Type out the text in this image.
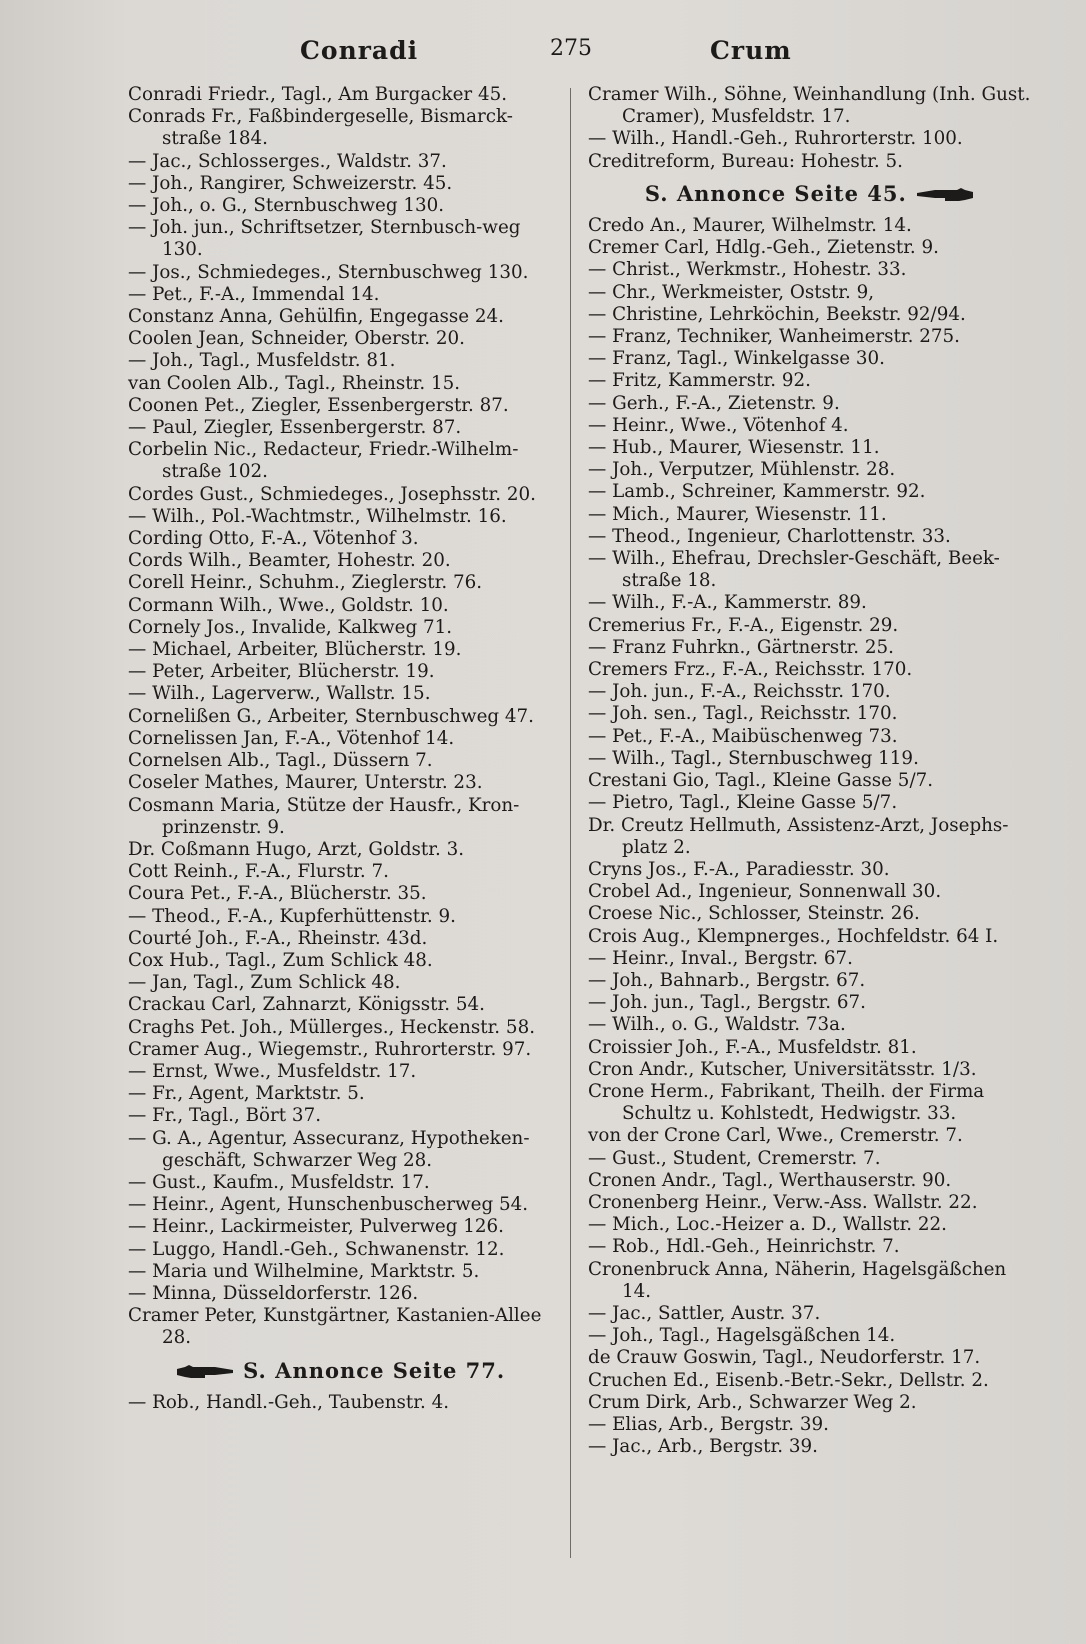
Conradi	275	Crum
Conradi Friedr., Tagl., Am Burgacker 45.
Conrads Fr., Faßbindergeselle, Bismarck-straße 184.
— Jac., Schlosserges., Waldstr. 37.
— Joh., Rangirer, Schweizerstr. 45.
— Joh., o. G., Sternbuschweg 130.
— Joh. jun., Schriftsetzer, Sternbusch-weg 130.
— Jos., Schmiedeges., Sternbuschweg 130.
— Pet., F.-A., Immendal 14.
Constanz Anna, Gehülfin, Engegasse 24.
Coolen Jean, Schneider, Oberstr. 20.
— Joh., Tagl., Musfeldstr. 81.
van Coolen Alb., Tagl., Rheinstr. 15.
Coonen Pet., Ziegler, Essenbergerstr. 87.
— Paul, Ziegler, Essenbergerstr. 87.
Corbelin Nic., Redacteur, Friedr.-Wilhelm-straße 102.
Cordes Gust., Schmiedeges., Josephsstr. 20.
— Wilh., Pol.-Wachtmstr., Wilhelmstr. 16.
Cording Otto, F.-A., Vötenhof 3.
Cords Wilh., Beamter, Hohestr. 20.
Corell Heinr., Schuhm., Zieglerstr. 76.
Cormann Wilh., Wwe., Goldstr. 10.
Cornely Jos., Invalide, Kalkweg 71.
— Michael, Arbeiter, Blücherstr. 19.
— Peter, Arbeiter, Blücherstr. 19.
— Wilh., Lagerverw., Wallstr. 15.
Cornelißen G., Arbeiter, Sternbuschweg 47.
Cornelissen Jan, F.-A., Vötenhof 14.
Cornelsen Alb., Tagl., Düssern 7.
Coseler Mathes, Maurer, Unterstr. 23.
Cosmann Maria, Stütze der Hausfr., Kron-prinzenstr. 9.
Dr. Coßmann Hugo, Arzt, Goldstr. 3.
Cott Reinh., F.-A., Flurstr. 7.
Coura Pet., F.-A., Blücherstr. 35.
— Theod., F.-A., Kupferhüttenstr. 9.
Courté Joh., F.-A., Rheinstr. 43d.
Cox Hub., Tagl., Zum Schlick 48.
— Jan, Tagl., Zum Schlick 48.
Crackau Carl, Zahnarzt, Königsstr. 54.
Craghs Pet. Joh., Müllerges., Heckenstr. 58.
Cramer Aug., Wiegemstr., Ruhrorterstr. 97.
— Ernst, Wwe., Musfeldstr. 17.
— Fr., Agent, Marktstr. 5.
— Fr., Tagl., Bört 37.
— G. A., Agentur, Assecuranz, Hypotheken-geschäft, Schwarzer Weg 28.
— Gust., Kaufm., Musfeldstr. 17.
— Heinr., Agent, Hunschenbuscherweg 54.
— Heinr., Lackirmeister, Pulverweg 126.
— Luggo, Handl.-Geh., Schwanenstr. 12.
— Maria und Wilhelmine, Marktstr. 5.
— Minna, Düsseldorferstr. 126.
Cramer Peter, Kunstgärtner, Kastanien-Allee 28.
S. Annonce Seite 77.
— Rob., Handl.-Geh., Taubenstr. 4.
Cramer Wilh., Söhne, Weinhandlung (Inh. Gust. Cramer), Musfeldstr. 17.
— Wilh., Handl.-Geh., Ruhrorterstr. 100.
Creditreform, Bureau: Hohestr. 5.
S. Annonce Seite 45.
Credo An., Maurer, Wilhelmstr. 14.
Cremer Carl, Hdlg.-Geh., Zietenstr. 9.
— Christ., Werkmstr., Hohestr. 33.
— Chr., Werkmeister, Oststr. 9,
— Christine, Lehrköchin, Beekstr. 92/94.
— Franz, Techniker, Wanheimerstr. 275.
— Franz, Tagl., Winkelgasse 30.
— Fritz, Kammerstr. 92.
— Gerh., F.-A., Zietenstr. 9.
— Heinr., Wwe., Vötenhof 4.
— Hub., Maurer, Wiesenstr. 11.
— Joh., Verputzer, Mühlenstr. 28.
— Lamb., Schreiner, Kammerstr. 92.
— Mich., Maurer, Wiesenstr. 11.
— Theod., Ingenieur, Charlottenstr. 33.
— Wilh., Ehefrau, Drechsler-Geschäft, Beek-straße 18.
— Wilh., F.-A., Kammerstr. 89.
Cremerius Fr., F.-A., Eigenstr. 29.
— Franz Fuhrkn., Gärtnerstr. 25.
Cremers Frz., F.-A., Reichsstr. 170.
— Joh. jun., F.-A., Reichsstr. 170.
— Joh. sen., Tagl., Reichsstr. 170.
— Pet., F.-A., Maibüschenweg 73.
— Wilh., Tagl., Sternbuschweg 119.
Crestani Gio, Tagl., Kleine Gasse 5/7.
— Pietro, Tagl., Kleine Gasse 5/7.
Dr. Creutz Hellmuth, Assistenz-Arzt, Josephs-platz 2.
Cryns Jos., F.-A., Paradiesstr. 30.
Crobel Ad., Ingenieur, Sonnenwall 30.
Croese Nic., Schlosser, Steinstr. 26.
Crois Aug., Klempnerges., Hochfeldstr. 64 I.
— Heinr., Inval., Bergstr. 67.
— Joh., Bahnarb., Bergstr. 67.
— Joh. jun., Tagl., Bergstr. 67.
— Wilh., o. G., Waldstr. 73a.
Croissier Joh., F.-A., Musfeldstr. 81.
Cron Andr., Kutscher, Universitätsstr. 1/3.
Crone Herm., Fabrikant, Theilh. der Firma Schultz u. Kohlstedt, Hedwigstr. 33.
von der Crone Carl, Wwe., Cremerstr. 7.
— Gust., Student, Cremerstr. 7.
Cronen Andr., Tagl., Werthauserstr. 90.
Cronenberg Heinr., Verw.-Ass. Wallstr. 22.
— Mich., Loc.-Heizer a. D., Wallstr. 22.
— Rob., Hdl.-Geh., Heinrichstr. 7.
Cronenbruck Anna, Näherin, Hagelsgäßchen 14.
— Jac., Sattler, Austr. 37.
— Joh., Tagl., Hagelsgäßchen 14.
de Crauw Goswin, Tagl., Neudorferstr. 17.
Cruchen Ed., Eisenb.-Betr.-Sekr., Dellstr. 2.
Crum Dirk, Arb., Schwarzer Weg 2.
— Elias, Arb., Bergstr. 39.
— Jac., Arb., Bergstr. 39.
